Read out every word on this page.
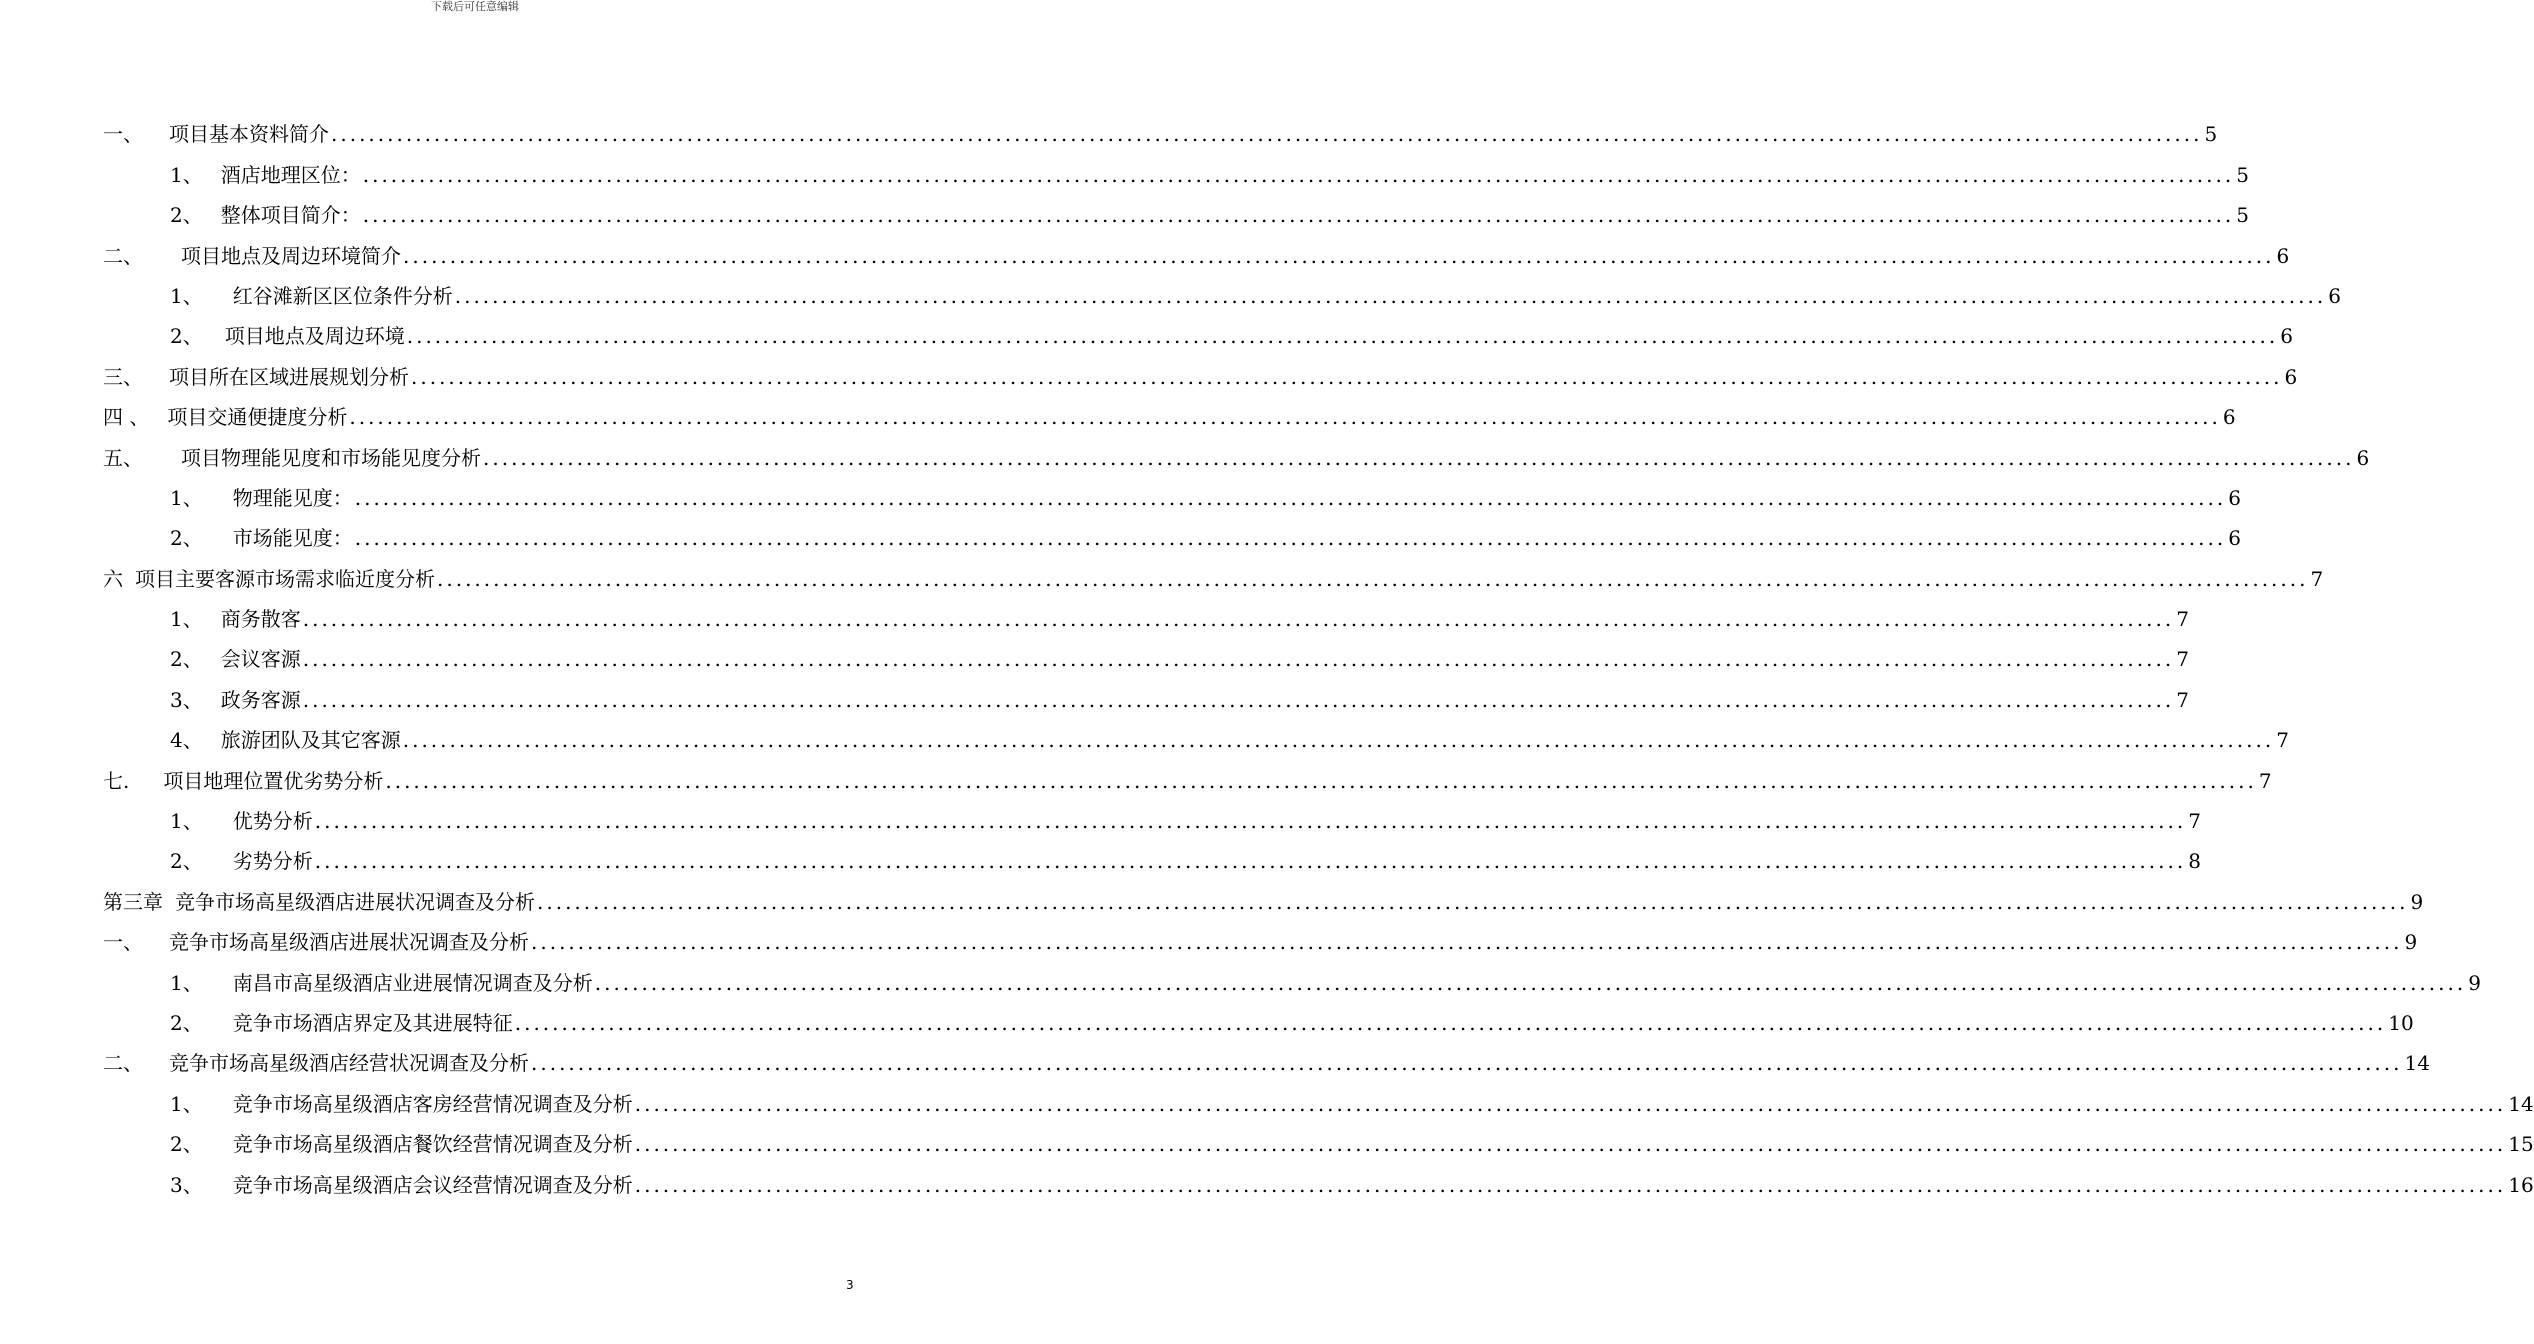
下载后可任意编辑
一、 项目基本资料简介 ........................................................................................................................................................................................................ 5
1、 酒店地理区位： ........................................................................................................................................................................................................ 5
2、 整体项目简介： ........................................................................................................................................................................................................ 5
二、 项目地点及周边环境简介 ........................................................................................................................................................................................................ 6
1、 红谷滩新区区位条件分析 ........................................................................................................................................................................................................ 6
2、 项目地点及周边环境 ........................................................................................................................................................................................................ 6
三、 项目所在区域进展规划分析 ........................................................................................................................................................................................................ 6
四 、 项目交通便捷度分析 ........................................................................................................................................................................................................ 6
五、 项目物理能见度和市场能见度分析 ........................................................................................................................................................................................................ 6
1、 物理能见度： ........................................................................................................................................................................................................ 6
2、 市场能见度： ........................................................................................................................................................................................................ 6
六 项目主要客源市场需求临近度分析 ........................................................................................................................................................................................................ 7
1、 商务散客 ........................................................................................................................................................................................................ 7
2、 会议客源 ........................................................................................................................................................................................................ 7
3、 政务客源 ........................................................................................................................................................................................................ 7
4、 旅游团队及其它客源 ........................................................................................................................................................................................................ 7
七. 项目地理位置优劣势分析 ........................................................................................................................................................................................................ 7
1、 优势分析 ........................................................................................................................................................................................................ 7
2、 劣势分析 ........................................................................................................................................................................................................ 8
第三章 竞争市场高星级酒店进展状况调查及分析 ........................................................................................................................................................................................................ 9
一、 竞争市场高星级酒店进展状况调查及分析 ........................................................................................................................................................................................................ 9
1、 南昌市高星级酒店业进展情况调查及分析 ........................................................................................................................................................................................................ 9
2、 竞争市场酒店界定及其进展特征 ........................................................................................................................................................................................................ 10
二、 竞争市场高星级酒店经营状况调查及分析 ........................................................................................................................................................................................................ 14
1、 竞争市场高星级酒店客房经营情况调查及分析 ........................................................................................................................................................................................................ 14
2、 竞争市场高星级酒店餐饮经营情况调查及分析 ........................................................................................................................................................................................................ 15
3、 竞争市场高星级酒店会议经营情况调查及分析 ........................................................................................................................................................................................................ 16
3
